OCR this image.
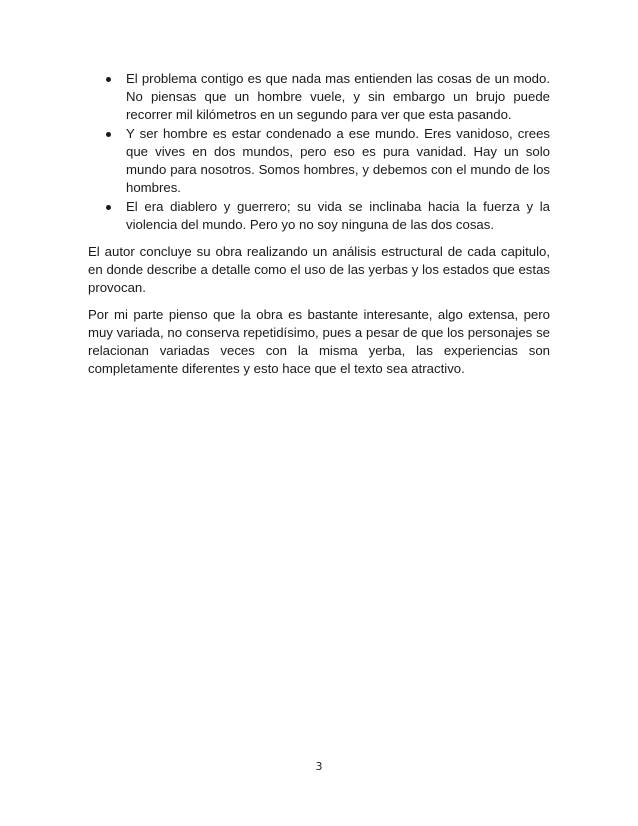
El problema contigo es que nada mas entienden las cosas de un modo. No piensas que un hombre vuele, y sin embargo un brujo puede recorrer mil kilómetros en un segundo para ver que esta pasando.
Y ser hombre es estar condenado a ese mundo. Eres vanidoso, crees que vives en dos mundos, pero eso es pura vanidad. Hay un solo mundo para nosotros. Somos hombres, y debemos con el mundo de los hombres.
El era diablero y guerrero; su vida se inclinaba hacia la fuerza y la violencia del mundo. Pero yo no soy ninguna de las dos cosas.

El autor concluye su obra realizando un análisis estructural de cada capitulo, en donde describe a detalle como el uso de las yerbas y los estados que estas provocan.

Por mi parte pienso que la obra es bastante interesante, algo extensa, pero muy variada, no conserva repetidísimo, pues a pesar de que los personajes se relacionan variadas veces con la misma yerba, las experiencias son completamente diferentes y esto hace que el texto sea atractivo.

3
